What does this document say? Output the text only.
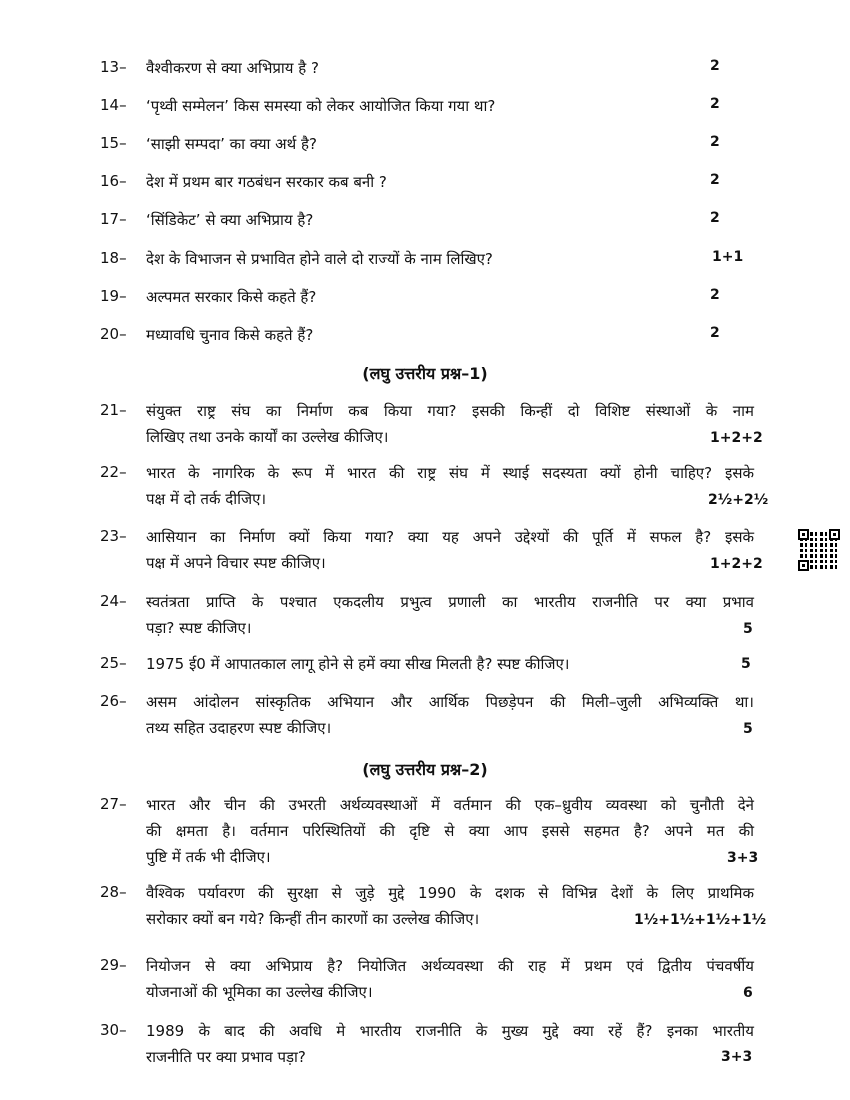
13– वैश्वीकरण से क्या अभिप्राय है ?	2
14– ‘पृथ्वी सम्मेलन’ किस समस्या को लेकर आयोजित किया गया था?	2
15– ‘साझी सम्पदा’ का क्या अर्थ है?	2
16– देश में प्रथम बार गठबंधन सरकार कब बनी ?	2
17– ‘सिंडिकेट’ से क्या अभिप्राय है?	2
18– देश के विभाजन से प्रभावित होने वाले दो राज्यों के नाम लिखिए?	1+1
19– अल्पमत सरकार किसे कहते हैं?	2
20– मध्यावधि चुनाव किसे कहते हैं?	2
(लघु उत्तरीय प्रश्न–1)
21– संयुक्त राष्ट्र संघ का निर्माण कब किया गया? इसकी किन्हीं दो विशिष्ट संस्थाओं के नाम
लिखिए तथा उनके कार्यों का उल्लेख कीजिए।	1+2+2
22– भारत के नागरिक के रूप में भारत की राष्ट्र संघ में स्थाई सदस्यता क्यों होनी चाहिए? इसके
पक्ष में दो तर्क दीजिए।	2½+2½
23– आसियान का निर्माण क्यों किया गया? क्या यह अपने उद्देश्यों की पूर्ति में सफल है? इसके
पक्ष में अपने विचार स्पष्ट कीजिए।	1+2+2
24– स्वतंत्रता प्राप्ति के पश्चात एकदलीय प्रभुत्व प्रणाली का भारतीय राजनीति पर क्या प्रभाव
पड़ा? स्पष्ट कीजिए।	5
25– 1975 ई0 में आपातकाल लागू होने से हमें क्या सीख मिलती है? स्पष्ट कीजिए।	5
26– असम आंदोलन सांस्कृतिक अभियान और आर्थिक पिछड़ेपन की मिली–जुली अभिव्यक्ति था।
तथ्य सहित उदाहरण स्पष्ट कीजिए।	5
(लघु उत्तरीय प्रश्न–2)
27– भारत और चीन की उभरती अर्थव्यवस्थाओं में वर्तमान की एक–ध्रुवीय व्यवस्था को चुनौती देने
की क्षमता है। वर्तमान परिस्थितियों की दृष्टि से क्या आप इससे सहमत है? अपने मत की
पुष्टि में तर्क भी दीजिए।	3+3
28– वैश्विक पर्यावरण की सुरक्षा से जुड़े मुद्दे 1990 के दशक से विभिन्न देशों के लिए प्राथमिक
सरोकार क्यों बन गये? किन्हीं तीन कारणों का उल्लेख कीजिए।	1½+1½+1½+1½
29– नियोजन से क्या अभिप्राय है? नियोजित अर्थव्यवस्था की राह में प्रथम एवं द्वितीय पंचवर्षीय
योजनाओं की भूमिका का उल्लेख कीजिए।	6
30– 1989 के बाद की अवधि मे भारतीय राजनीति के मुख्य मुद्दे क्या रहें हैं? इनका भारतीय
राजनीति पर क्या प्रभाव पड़ा?	3+3
